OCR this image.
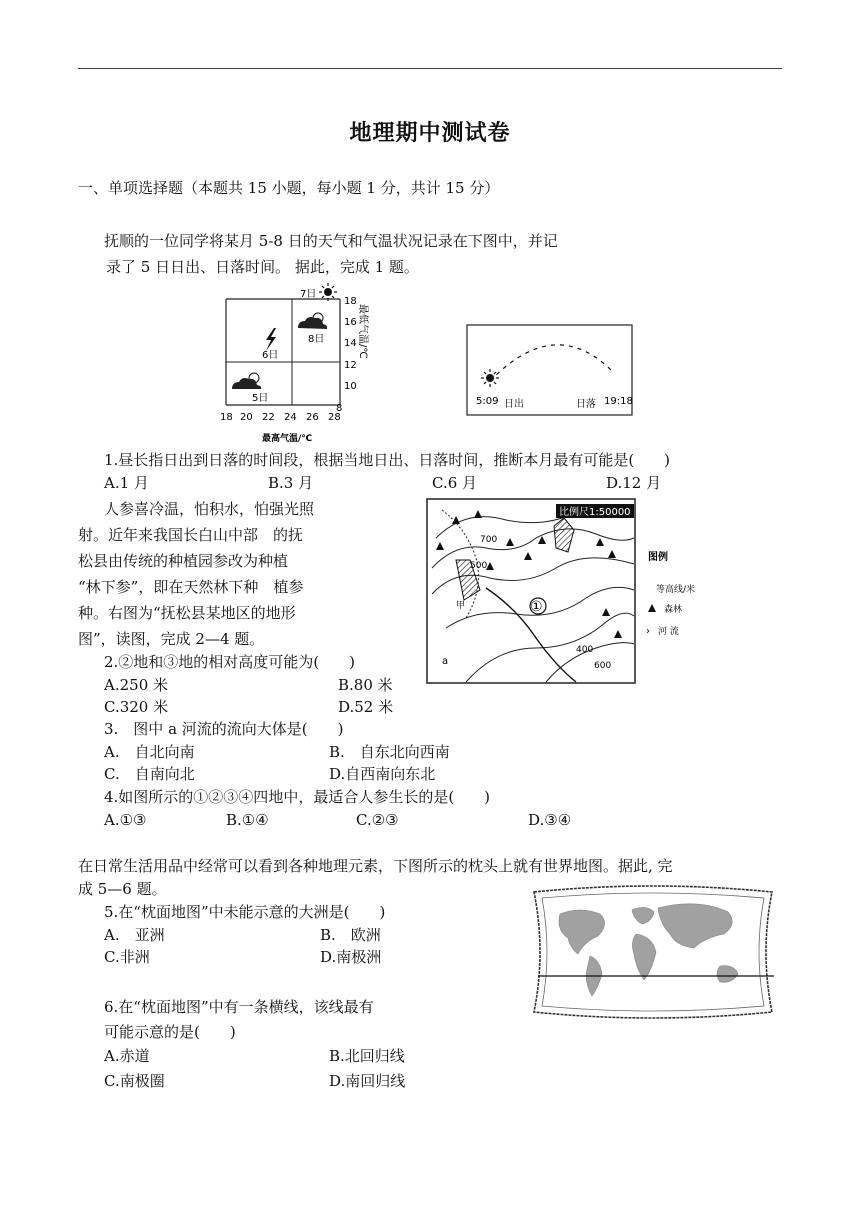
地理期中测试卷
一、单项选择题（本题共 15 小题，每小题 1 分，共计 15 分）
抚顺的一位同学将某月 5-8 日的天气和气温状况记录在下图中，并记
录了 5 日日出、日落时间。 据此，完成 1 题。
18
16
14
12
10
8
最低气温/℃
18 20 22 24 26 28
最高气温/℃
7日
8日
6日
5日	5:09 日出	日落 19:18
1.昼长指日出到日落的时间段，根据当地日出、日落时间，推断本月最有可能是(　　)
A.1 月	B.3 月	C.6 月	D.12 月
人参喜冷温，怕积水，怕强光照
射。近年来我国长白山中部　的抚
松县由传统的种植园参改为种植
“林下参”，即在天然林下种　植参
种。右图为“抚松县某地区的地形
图”，读图，完成 2—4 题。
比例尺1:50000
700
500
400
600
①
a
甲
图例
等高线/米
森林
› 河 流
2.②地和③地的相对高度可能为(　　)
A.250 米	B.80 米
C.320 米	D.52 米
3.　图中 a 河流的流向大体是(　　)
A.　自北向南	B.　自东北向西南
C.　自南向北	D.自西南向东北
4.如图所示的①②③④四地中，最适合人参生长的是(　　)
A.①③	B.①④	C.②③	D.③④
在日常生活用品中经常可以看到各种地理元素，下图所示的枕头上就有世界地图。据此, 完
成 5—6 题。
5.在“枕面地图”中未能示意的大洲是(　　)
A.　亚洲	B.　欧洲
C.非洲	D.南极洲
6.在“枕面地图”中有一条横线，该线最有
可能示意的是(　　)
A.赤道	B.北回归线
C.南极圈	D.南回归线
